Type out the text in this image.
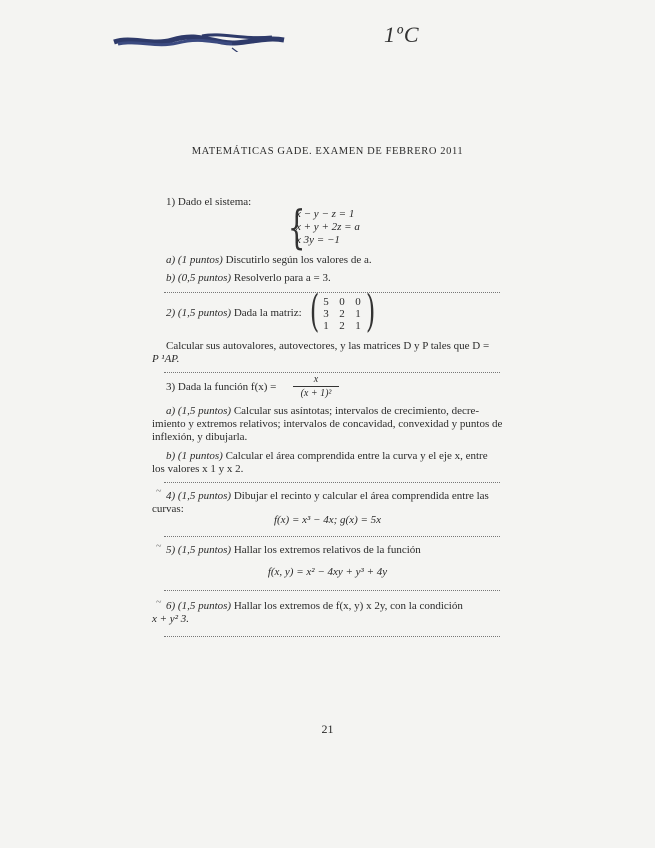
1ºC
MATEMÁTICAS GADE. EXAMEN DE FEBRERO 2011
1) Dado el sistema: {
x − y − z = 1
x + y + 2z = a
x 3y = −1
a) (1 puntos) Discutirlo según los valores de a.
b) (0,5 puntos) Resolverlo para a = 3.
2) (1,5 puntos) Dada la matriz: ( )
5 0 0
3 2 1
1 2 1
Calcular sus autovalores, autovectores, y las matrices D y P tales que D =
P ¹AP.
3) Dada la función f(x) =
x
(x + 1)²
a) (1,5 puntos) Calcular sus asíntotas; intervalos de crecimiento, decre-
imiento y extremos relativos; intervalos de concavidad, convexidad y puntos de
inflexión, y dibujarla.
b) (1 puntos) Calcular el área comprendida entre la curva y el eje x, entre
los valores x 1 y x 2.
~ 4) (1,5 puntos) Dibujar el recinto y calcular el área comprendida entre las
curvas:
f(x) = x³ − 4x; g(x) = 5x
~ 5) (1,5 puntos) Hallar los extremos relativos de la función
f(x, y) = x² − 4xy + y³ + 4y
~ 6) (1,5 puntos) Hallar los extremos de f(x, y) x 2y, con la condición
x + y² 3.
21
